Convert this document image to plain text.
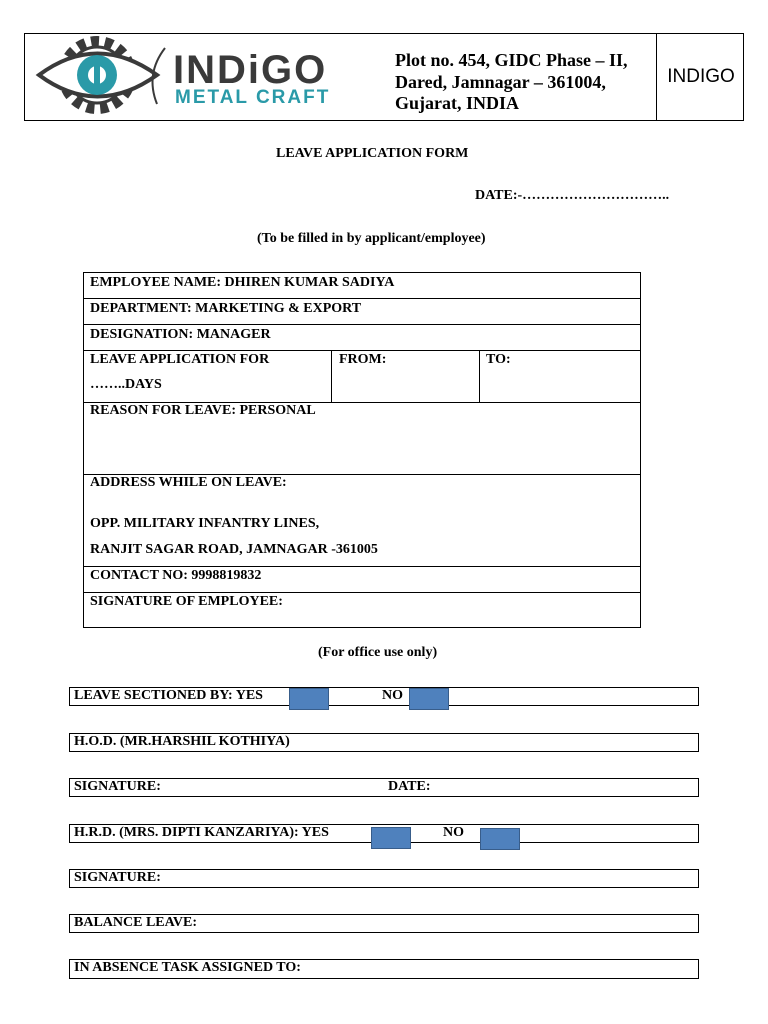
INDiGO
METAL CRAFT
Plot no. 454, GIDC Phase – II,
Dared, Jamnagar – 361004,
Gujarat, INDIA
INDIGO
LEAVE APPLICATION FORM
DATE:-…………………………..
(To be filled in by applicant/employee)
EMPLOYEE NAME: DHIREN KUMAR SADIYA
DEPARTMENT: MARKETING & EXPORT
DESIGNATION: MANAGER
LEAVE APPLICATION FOR
……..DAYS
FROM:	TO:
REASON FOR LEAVE: PERSONAL
ADDRESS WHILE ON LEAVE:
OPP. MILITARY INFANTRY LINES,
RANJIT SAGAR ROAD, JAMNAGAR -361005
CONTACT NO: 9998819832
SIGNATURE OF EMPLOYEE:
(For office use only)
LEAVE SECTIONED BY: YES	NO
H.O.D. (MR.HARSHIL KOTHIYA)
SIGNATURE:	DATE:
H.R.D. (MRS. DIPTI KANZARIYA): YES	NO
SIGNATURE:
BALANCE LEAVE:
IN ABSENCE TASK ASSIGNED TO:
